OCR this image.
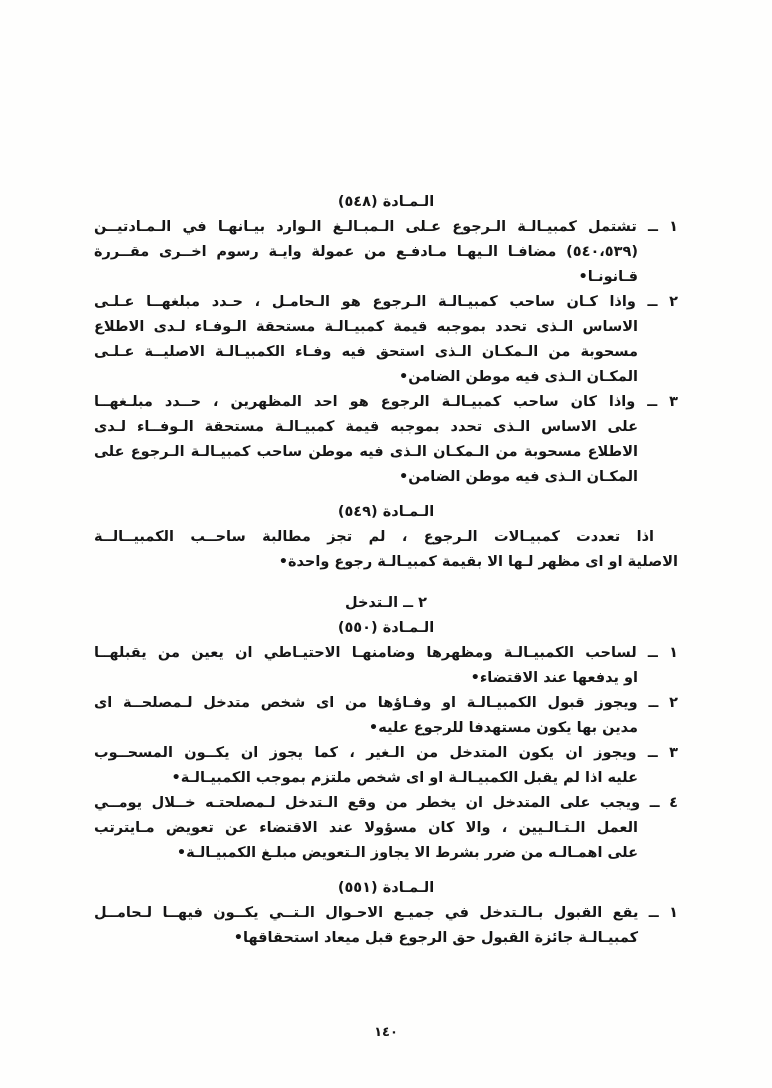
الـمـادة (٥٤٨)

١ ــ تشتمل كمبيـالـة الـرجوع عـلى الـمبـالـغ الـوارد بيـانهـا في الـمـادتيــن

(٥٤٠،٥٣٩) مضافـا الـيهـا مـادفـع من عمولة وايـة رسوم اخــرى مقــررة

قـانونـا•

٢ ــ واذا كـان ساحب كمبيـالـة الـرجوع هو الـحامـل ، حـدد مبلغهــا عـلـى

الاساس الـذى تحدد بموجبه قيمة كمبيـالـة مستحقة الـوفـاء لـدى الاطلاع

مسحوبة من الـمكـان الـذى استحق فيه وفـاء الكمبيـالـة الاصليــة عـلـى

المكـان الـذى فيه موطن الضامن•

٣ ــ واذا كان ساحب كمبيـالـة الرجوع هو احد المظهرين ، حــدد مبلـغهــا

على الاساس الـذى تحدد بموجبه قيمة كمبيـالـة مستحقة الـوفــاء لـدى

الاطلاع مسحوبة من الـمكـان الـذى فيه موطن ساحب كمبيـالـة الـرجوع على

المكـان الـذى فيه موطن الضامن•

الـمـادة (٥٤٩)

اذا تعددت كمبيـالات الـرجوع ، لم تجز مطالبة ساحــب الكمبيــالــة

الاصلية او اى مظهر لـها الا بقيمة كمبيـالـة رجوع واحدة•

٢ ــ الـتدخل
الـمـادة (٥٥٠)

١ ــ لساحب الكمبيـالـة ومظهرها وضامنهـا الاحتيـاطي ان يعين من يقبلهــا

او يدفعها عند الاقتضاء•

٢ ــ ويجوز قبول الكمبيـالـة او وفـاؤها من اى شخص متدخل لـمصلحــة اى

مدين بها يكون مستهدفا للرجوع عليه•

٣ ــ ويجوز ان يكون المتدخل من الـغير ، كما يجوز ان يكــون المسحــوب

عليه اذا لم يقبل الكمبيـالـة او اى شخص ملتزم بموجب الكمبيـالـة•

٤ ــ ويجب على المتدخل ان يخطر من وقع الـتدخل لـمصلحتـه خــلال يومــي

العمل الـتـالـيين ، والا كان مسؤولا عند الاقتضاء عن تعويض مـايترتب

على اهمـالـه من ضرر بشرط الا يجاوز الـتعويض مبلـغ الكمبيـالـة•

الـمـادة (٥٥١)

١ ــ يقع القبول بـالـتدخل في جميـع الاحـوال الـتــي يكــون فيهــا لـحامــل

كمبيـالـة جائزة القبول حق الرجوع قبل ميعاد استحقاقها•

١٤٠
